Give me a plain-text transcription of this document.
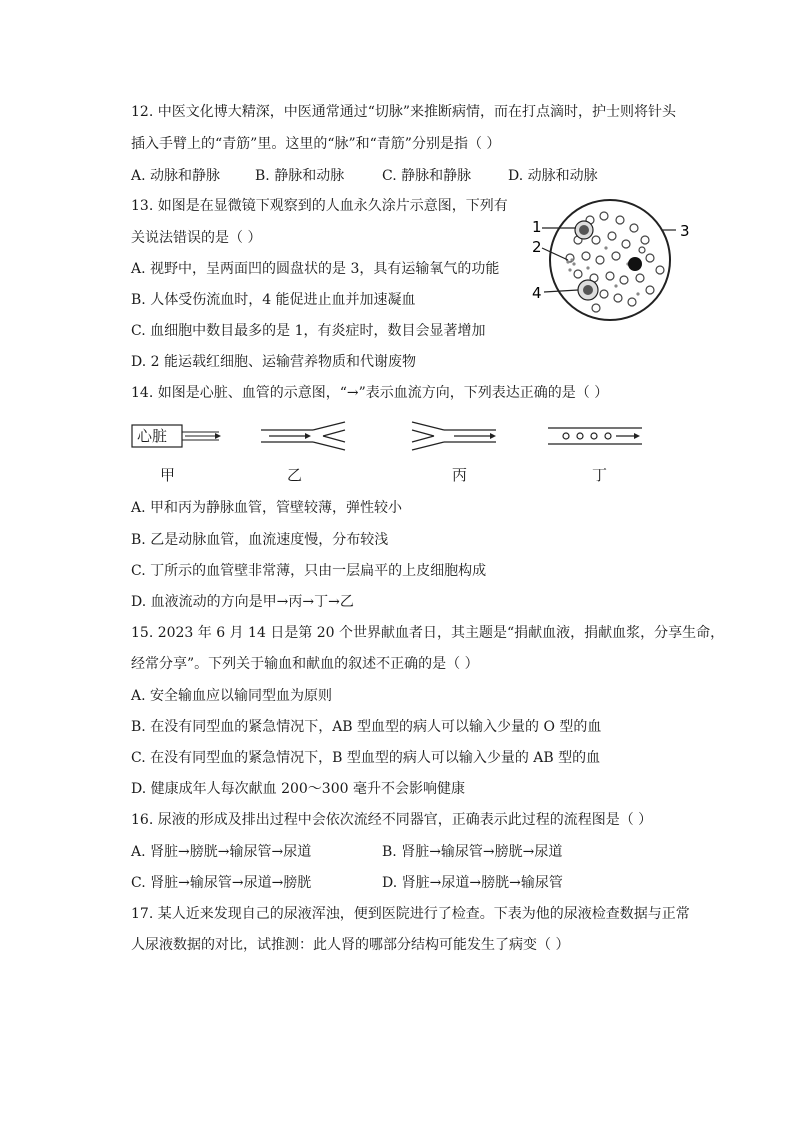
12. 中医文化博大精深，中医通常通过“切脉”来推断病情，而在打点滴时，护士则将针头
插入手臂上的“青筋”里。这里的“脉”和“青筋”分别是指（ ）
A. 动脉和静脉 B. 静脉和动脉	C. 静脉和静脉	D. 动脉和动脉
13. 如图是在显微镜下观察到的人血永久涂片示意图，下列有
关说法错误的是（ ）
A. 视野中，呈两面凹的圆盘状的是 3，具有运输氧气的功能
B. 人体受伤流血时，4 能促进止血并加速凝血
C. 血细胞中数目最多的是 1，有炎症时，数目会显著增加
D. 2 能运载红细胞、运输营养物质和代谢废物
1
2
3
4
14. 如图是心脏、血管的示意图，“→”表示血流方向，下列表达正确的是（ ）
心脏
甲	乙	丙	丁
A. 甲和丙为静脉血管，管壁较薄，弹性较小
B. 乙是动脉血管，血流速度慢，分布较浅
C. 丁所示的血管壁非常薄，只由一层扁平的上皮细胞构成
D. 血液流动的方向是甲→丙→丁→乙
15. 2023 年 6 月 14 日是第 20 个世界献血者日，其主题是“捐献血液，捐献血浆，分享生命，
经常分享”。下列关于输血和献血的叙述不正确的是（ ）
A. 安全输血应以输同型血为原则
B. 在没有同型血的紧急情况下，AB 型血型的病人可以输入少量的 O 型的血
C. 在没有同型血的紧急情况下，B 型血型的病人可以输入少量的 AB 型的血
D. 健康成年人每次献血 200～300 毫升不会影响健康
16. 尿液的形成及排出过程中会依次流经不同器官，正确表示此过程的流程图是（ ）
A. 肾脏→膀胱→输尿管→尿道	B. 肾脏→输尿管→膀胱→尿道
C. 肾脏→输尿管→尿道→膀胱	D. 肾脏→尿道→膀胱→输尿管
17. 某人近来发现自己的尿液浑浊，便到医院进行了检查。下表为他的尿液检查数据与正常
人尿液数据的对比，试推测：此人肾的哪部分结构可能发生了病变（ ）
